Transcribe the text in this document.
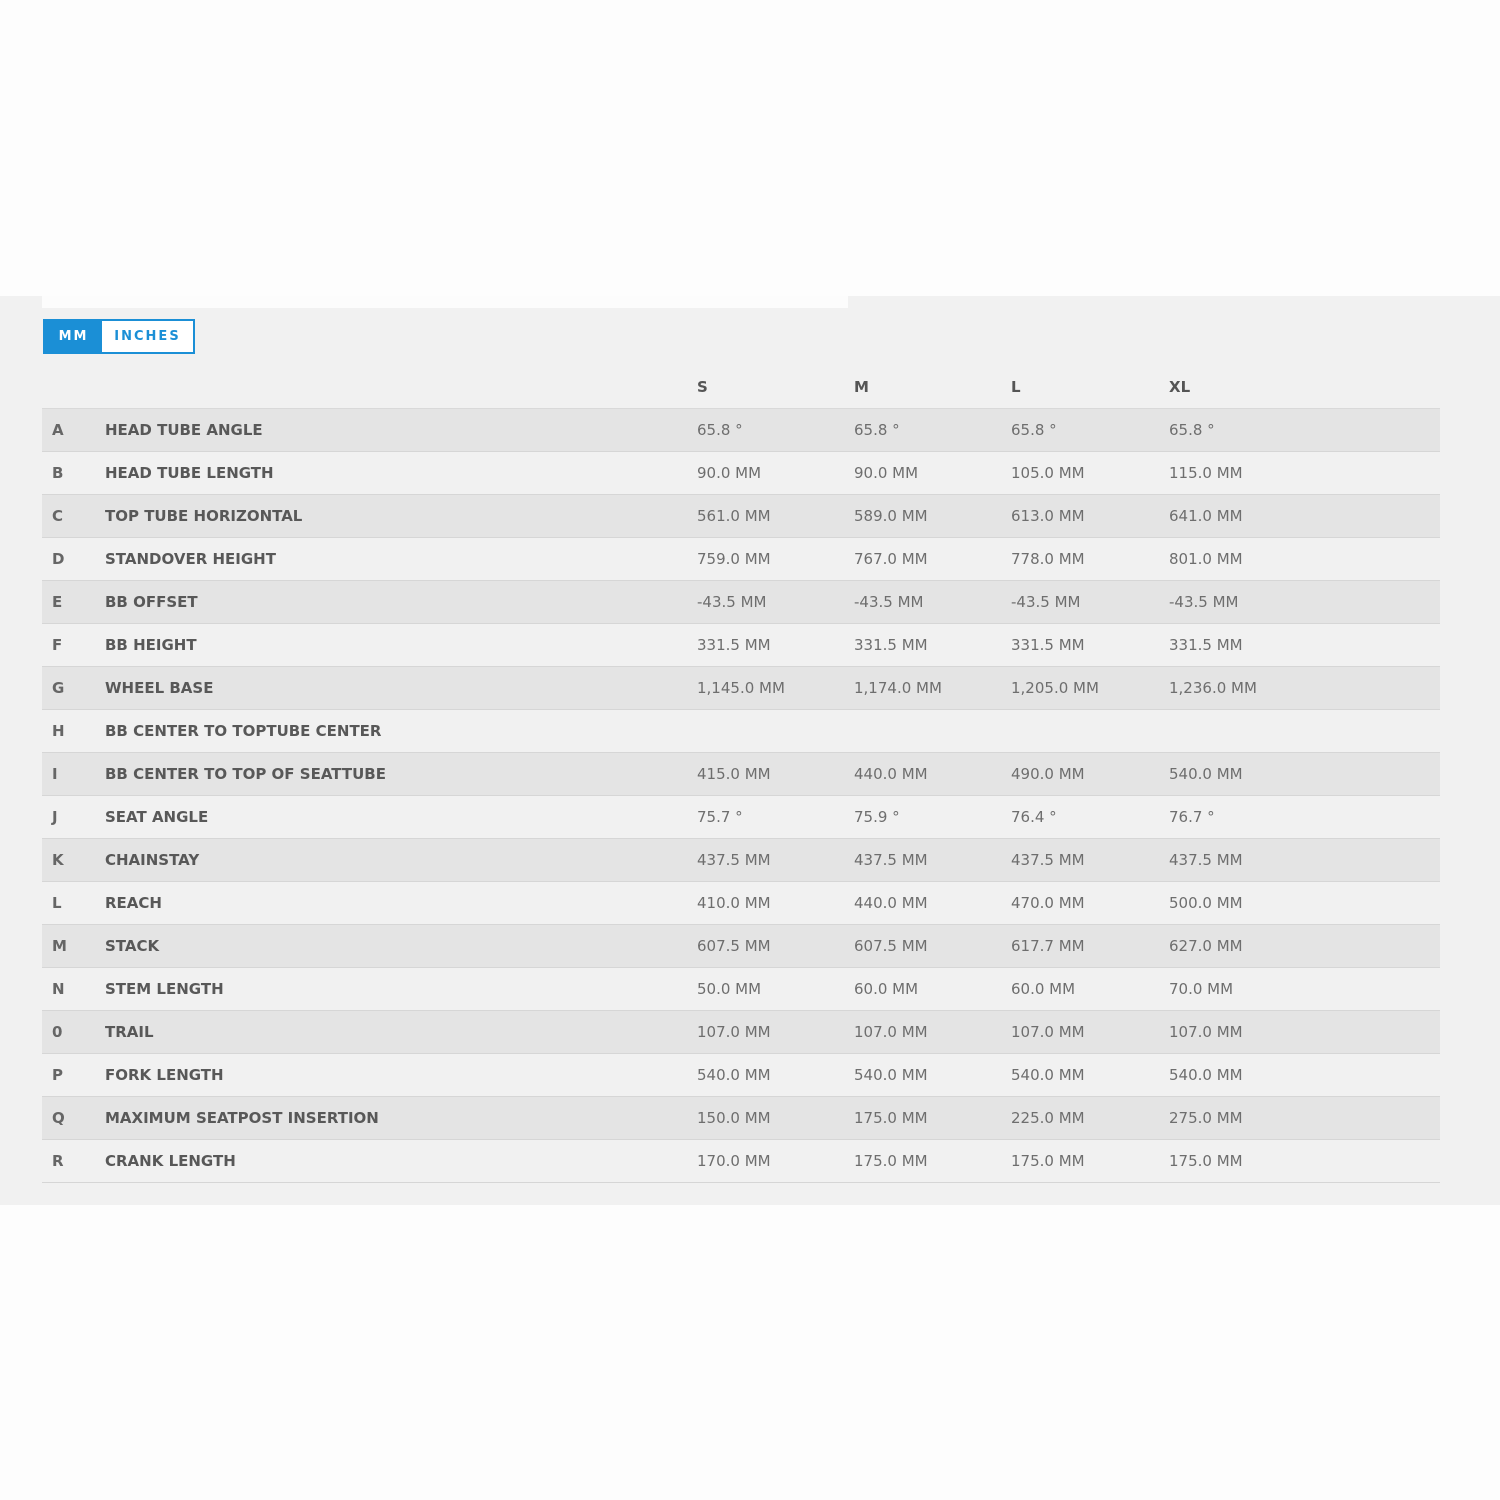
MM	INCHES
S	M	L	XL
A	HEAD TUBE ANGLE	65.8 °	65.8 °	65.8 °	65.8 °
B	HEAD TUBE LENGTH	90.0 MM	90.0 MM	105.0 MM	115.0 MM
C	TOP TUBE HORIZONTAL	561.0 MM	589.0 MM	613.0 MM	641.0 MM
D	STANDOVER HEIGHT	759.0 MM	767.0 MM	778.0 MM	801.0 MM
E	BB OFFSET	-43.5 MM	-43.5 MM	-43.5 MM	-43.5 MM
F	BB HEIGHT	331.5 MM	331.5 MM	331.5 MM	331.5 MM
G	WHEEL BASE	1,145.0 MM	1,174.0 MM	1,205.0 MM	1,236.0 MM
H	BB CENTER TO TOPTUBE CENTER
I	BB CENTER TO TOP OF SEATTUBE	415.0 MM	440.0 MM	490.0 MM	540.0 MM
J	SEAT ANGLE	75.7 °	75.9 °	76.4 °	76.7 °
K	CHAINSTAY	437.5 MM	437.5 MM	437.5 MM	437.5 MM
L	REACH	410.0 MM	440.0 MM	470.0 MM	500.0 MM
M	STACK	607.5 MM	607.5 MM	617.7 MM	627.0 MM
N	STEM LENGTH	50.0 MM	60.0 MM	60.0 MM	70.0 MM
0	TRAIL	107.0 MM	107.0 MM	107.0 MM	107.0 MM
P	FORK LENGTH	540.0 MM	540.0 MM	540.0 MM	540.0 MM
Q	MAXIMUM SEATPOST INSERTION	150.0 MM	175.0 MM	225.0 MM	275.0 MM
R	CRANK LENGTH	170.0 MM	175.0 MM	175.0 MM	175.0 MM
